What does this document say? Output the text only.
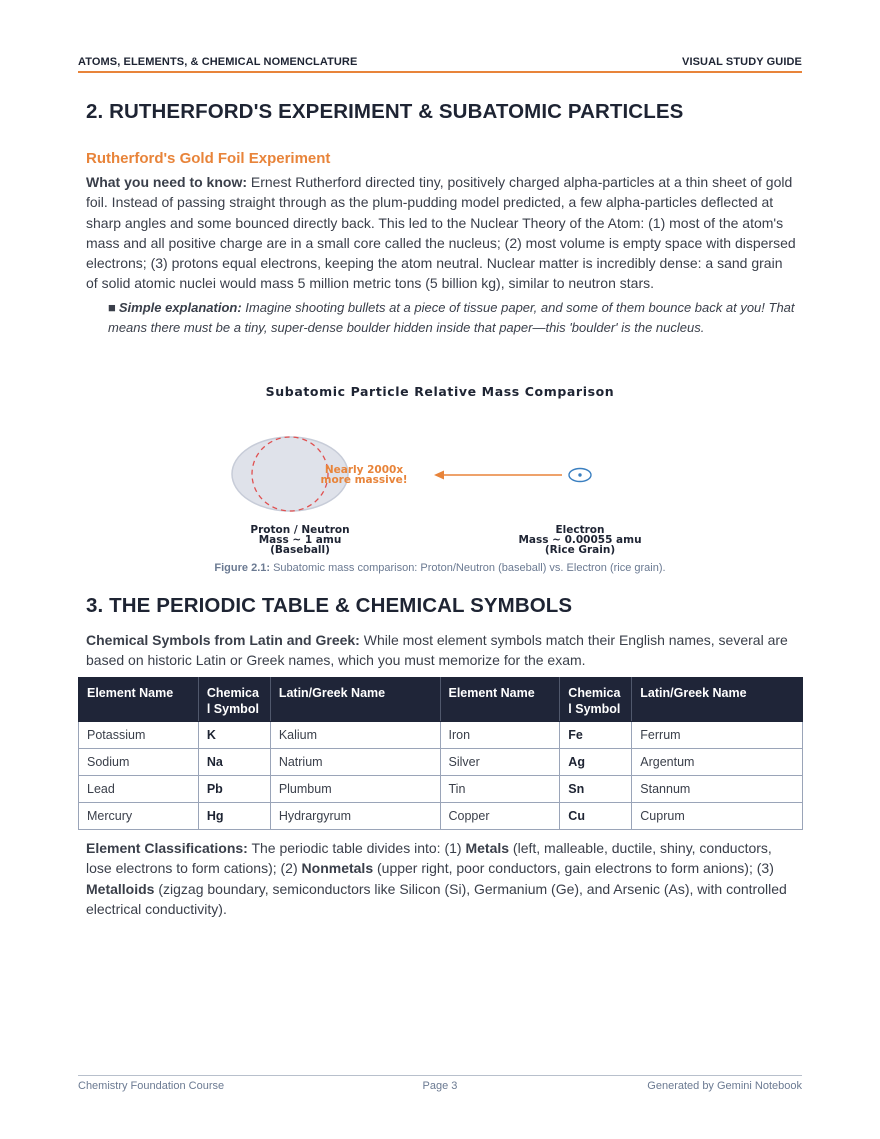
ATOMS, ELEMENTS, & CHEMICAL NOMENCLATURE	VISUAL STUDY GUIDE
2. RUTHERFORD'S EXPERIMENT & SUBATOMIC PARTICLES
Rutherford's Gold Foil Experiment

What you need to know: Ernest Rutherford directed tiny, positively charged alpha-particles at a thin sheet of gold foil. Instead of passing straight through as the plum-pudding model predicted, a few alpha-particles deflected at sharp angles and some bounced directly back. This led to the Nuclear Theory of the Atom: (1) most of the atom's mass and all positive charge are in a small core called the nucleus; (2) most volume is empty space with dispersed electrons; (3) protons equal electrons, keeping the atom neutral. Nuclear matter is incredibly dense: a sand grain of solid atomic nuclei would mass 5 million metric tons (5 billion kg), similar to neutron stars.

■ Simple explanation: Imagine shooting bullets at a piece of tissue paper, and some of them bounce back at you! That means there must be a tiny, super-dense boulder hidden inside that paper—this 'boulder' is the nucleus.

Subatomic Particle Relative Mass Comparison
Nearly 2000x
more massive!
Proton / Neutron
Mass ~ 1 amu
(Baseball)
Electron
Mass ~ 0.00055 amu
(Rice Grain)
Figure 2.1: Subatomic mass comparison: Proton/Neutron (baseball) vs. Electron (rice grain).
3. THE PERIODIC TABLE & CHEMICAL SYMBOLS

Chemical Symbols from Latin and Greek: While most element symbols match their English names, several are based on historic Latin or Greek names, which you must memorize for the exam.

Element Name	Chemica l Symbol	Latin/Greek Name	Element Name	Chemica l Symbol	Latin/Greek Name
Potassium	K	Kalium	Iron	Fe	Ferrum
Sodium	Na	Natrium	Silver	Ag	Argentum
Lead	Pb	Plumbum	Tin	Sn	Stannum
Mercury	Hg	Hydrargyrum	Copper	Cu	Cuprum

Element Classifications: The periodic table divides into: (1) Metals (left, malleable, ductile, shiny, conductors, lose electrons to form cations); (2) Nonmetals (upper right, poor conductors, gain electrons to form anions); (3) Metalloids (zigzag boundary, semiconductors like Silicon (Si), Germanium (Ge), and Arsenic (As), with controlled electrical conductivity).

Chemistry Foundation Course	Page 3	Generated by Gemini Notebook
